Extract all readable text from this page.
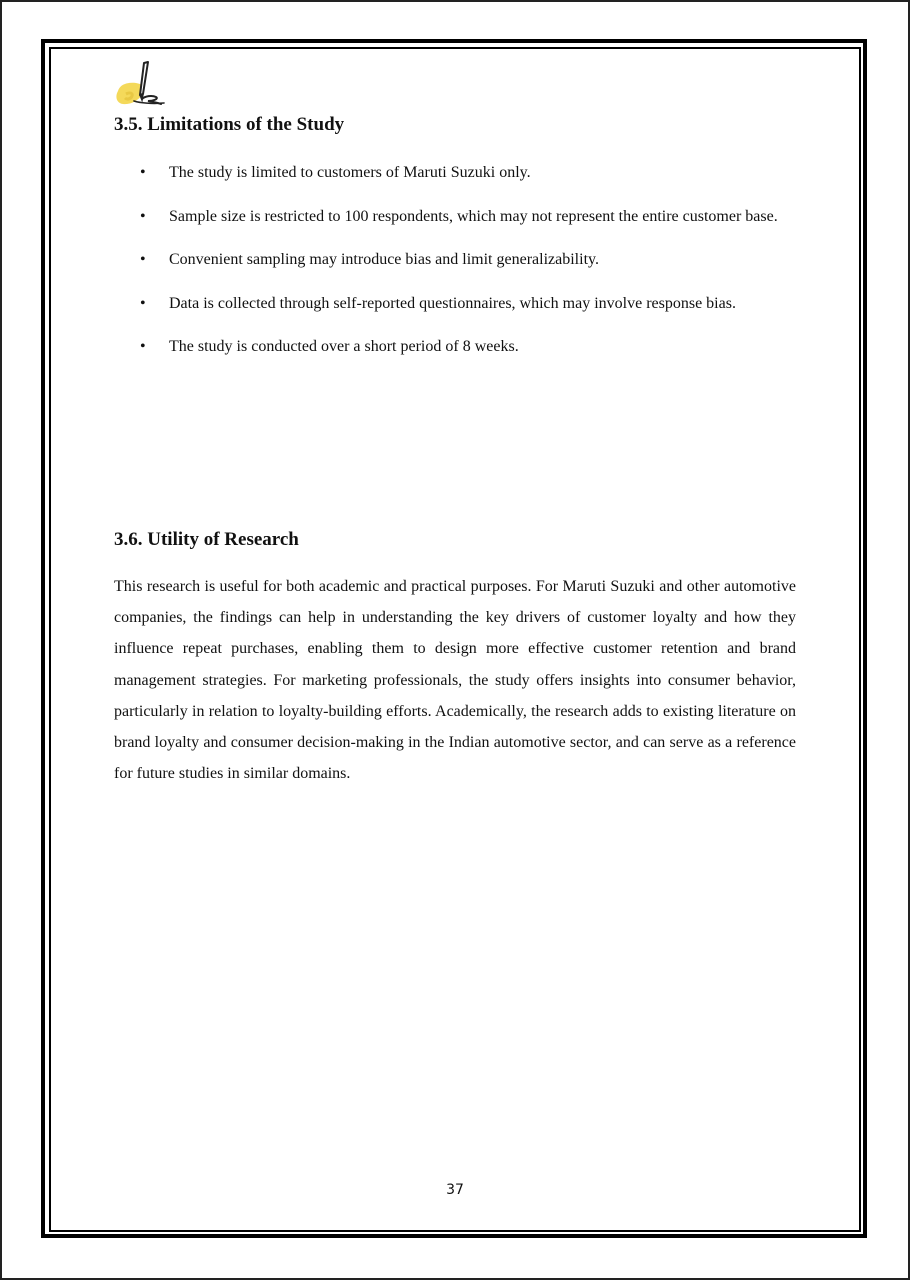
3.5. Limitations of the Study
• The study is limited to customers of Maruti Suzuki only.
• Sample size is restricted to 100 respondents, which may not represent the entire customer base.
• Convenient sampling may introduce bias and limit generalizability.
• Data is collected through self-reported questionnaires, which may involve response bias.
• The study is conducted over a short period of 8 weeks.
3.6. Utility of Research

This research is useful for both academic and practical purposes. For Maruti Suzuki and other automotive companies, the findings can help in understanding the key drivers of customer loyalty and how they influence repeat purchases, enabling them to design more effective customer retention and brand management strategies. For marketing professionals, the study offers insights into consumer behavior, particularly in relation to loyalty-building efforts. Academically, the research adds to existing literature on brand loyalty and consumer decision-making in the Indian automotive sector, and can serve as a reference for future studies in similar domains.

37
